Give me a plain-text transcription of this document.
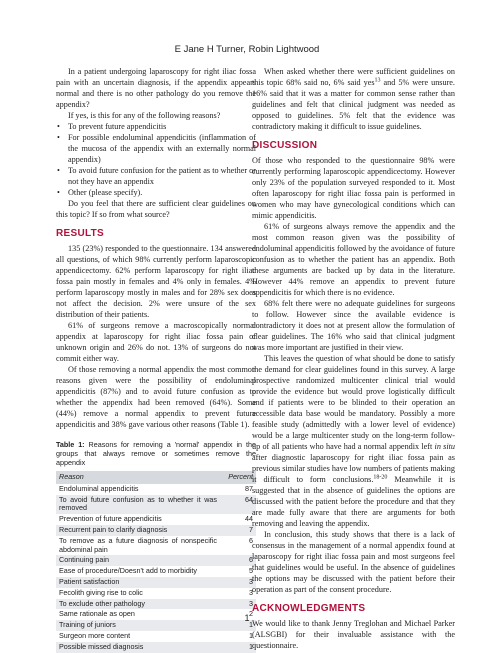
E Jane H Turner, Robin Lightwood

In a patient undergoing laparoscopy for right iliac fossa pain with an uncertain diagnosis, if the appendix appears normal and there is no other pathology do you remove the appendix?

If yes, is this for any of the following reasons?

• To prevent future appendicitis
• For possible endoluminal appendicitis (inflammation of the mucosa of the appendix with an externally normal appendix)
• To avoid future confusion for the patient as to whether or not they have an appendix
• Other (please specify).

Do you feel that there are sufficient clear guidelines on this topic? If so from what source?

RESULTS

135 (23%) responded to the questionnaire. 134 answered all questions, of which 98% currently perform laparoscopic appendicectomy. 62% perform laparoscopy for right iliac fossa pain mostly in females and 4% only in females. 4% perform laparoscopy mostly in males and for 28% sex does not affect the decision. 2% were unsure of the sex distribution of their patients.

61% of surgeons remove a macroscopically normal appendix at laparoscopy for right iliac fossa pain of unknown origin and 26% do not. 13% of surgeons do not commit either way.

Of those removing a normal appendix the most common reasons given were the possibility of endoluminal appendicitis (87%) and to avoid future confusion as to whether the appendix had been removed (64%). Some (44%) remove a normal appendix to prevent future appendicitis and 38% gave various other reasons (Table 1).

Table 1: Reasons for removing a 'normal' appendix in the groups that always remove or sometimes remove the appendix
Reason	Percent
Endoluminal appendicitis	87
To avoid future confusion as to whether it was removed	64
Prevention of future appendicitis	44
Recurrent pain to clarify diagnosis	7
To remove as a future diagnosis of nonspecific abdominal pain	6
Continuing pain	6
Ease of procedure/Doesn't add to morbidity	5
Patient satisfaction	3
Fecolith giving rise to colic	3
To exclude other pathology	3
Same rationale as open	2
Training of juniors	1
Surgeon more content	1
Possible missed diagnosis	1

When asked whether there were sufficient guidelines on this topic 68% said no, 6% said yes$^{13}$ and 5% were unsure. 16% said that it was a matter for common sense rather than guidelines and felt that clinical judgment was needed as opposed to guidelines. 5% felt that the evidence was contradictory making it difficult to issue guidelines.

DISCUSSION

Of those who responded to the questionnaire 98% were currently performing laparoscopic appendicectomy. However only 23% of the population surveyed responded to it. Most often laparoscopy for right iliac fossa pain is performed in women who may have gynecological conditions which can mimic appendicitis.

61% of surgeons always remove the appendix and the most common reason given was the possibility of endoluminal appendicitis followed by the avoidance of future confusion as to whether the patient has an appendix. Both these arguments are backed up by data in the literature. However 44% remove an appendix to prevent future appendicitis for which there is no evidence.

68% felt there were no adequate guidelines for surgeons to follow. However since the available evidence is contradictory it does not at present allow the formulation of clear guidelines. The 16% who said that clinical judgment was more important are justified in their view.

This leaves the question of what should be done to satisfy the demand for clear guidelines found in this survey. A large prospective randomized multicenter clinical trial would provide the evidence but would prove logistically difficult and if patients were to be blinded to their operation an accessible data base would be mandatory. Possibly a more feasible study (admittedly with a lower level of evidence) would be a large multicenter study on the long-term follow-up of all patients who have had a normal appendix left in situ after diagnostic laparoscopy for right iliac fossa pain as previous similar studies have low numbers of patients making it difficult to form conclusions.$^{18-20}$ Meanwhile it is suggested that in the absence of guidelines the options are discussed with the patient before the procedure and that they are made fully aware that there are arguments for both removing and leaving the appendix.

In conclusion, this study shows that there is a lack of consensus in the management of a normal appendix found at laparoscopy for right iliac fossa pain and most surgeons feel that guidelines would be useful. In the absence of guidelines the options may be discussed with the patient before their operation as part of the consent procedure.

ACKNOWLEDGMENTS

We would like to thank Jenny Treglohan and Michael Parker (ALSGBI) for their invaluable assistance with the questionnaire.

1
